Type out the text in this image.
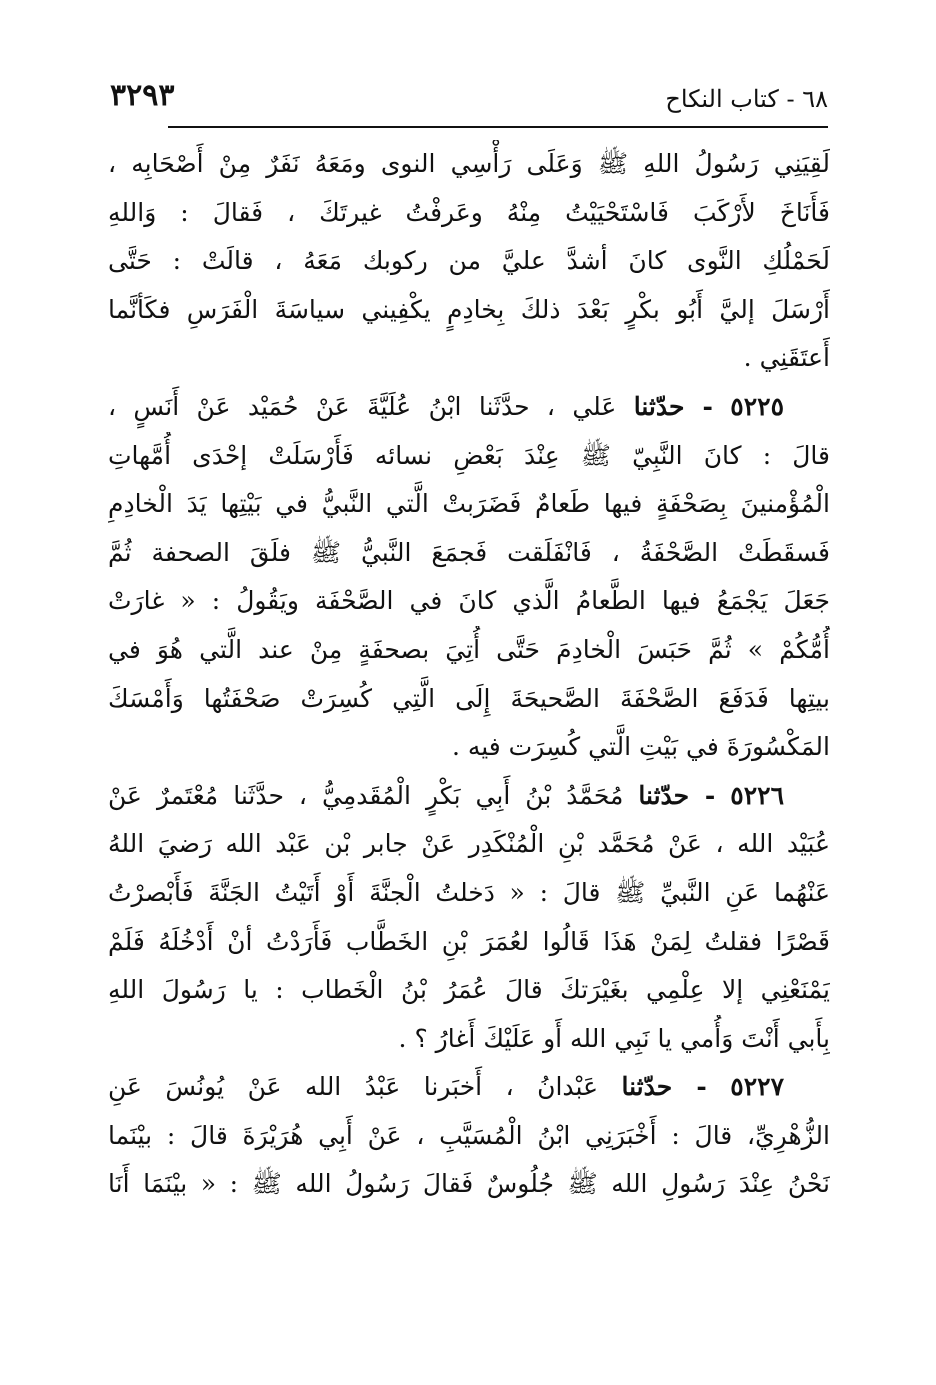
٦٨ - كتاب النكاح
٣٢٩٣
لَقِيَنِي رَسُولُ اللهِ ﷺ وَعَلَى رَأْسِي النوى ومَعَهُ نَفَرٌ مِنْ أَصْحَابِه ،
فَأَنَاخَ لأَرْكَبَ فَاسْتَحْيَيْتُ مِنْهُ وعَرفْتُ غيرتَكَ ، فَقالَ : وَاللهِ
لَحَمْلُكِ النَّوى كانَ أشدَّ عليَّ من ركوبك مَعَهُ ، قالَتْ : حَتَّى
أَرْسَلَ إليَّ أَبُو بكْرٍ بَعْدَ ذلكَ بِخادِمٍ يكْفِيني سياسَةَ الْفَرَسِ فكَأنَّما
أَعتَقَنِي .
٥٢٢٥ - حدّثنا عَلي ، حدَّثَنا ابْنُ عُلَيَّةَ عَنْ حُمَيْد عَنْ أَنَسٍ ،
قالَ : كانَ النَّبِيّ ﷺ عِنْدَ بَعْضِ نسائه فَأَرْسَلَتْ إحْدَى أُمَّهاتِ
الْمُؤْمنينَ بِصَحْفَةٍ فيها طَعامٌ فَضَرَبتْ الَّتي النَّبيُّ في بَيْتِها يَدَ الْخادِمِ
فَسقَطَتْ الصَّحْفَةُ ، فَانْفَلَقت فَجمَعَ النَّبيُّ ﷺ فلَقَ الصحفة ثُمَّ
جَعَلَ يَجْمَعُ فيها الطَّعامُ الَّذي كانَ في الصَّحْفَة ويَقُولُ : « غارَتْ
أُمُّكُمْ » ثُمَّ حَبَسَ الْخادِمَ حَتَّى أُتِيَ بصحفَةٍ مِنْ عند الَّتي هُوَ في
بيتِها فَدَفَعَ الصَّحْفَةَ الصَّحيحَةَ إِلَى الَّتِي كُسِرَتْ صَحْفَتُها وَأَمْسَكَ
المَكْسُورَةَ في بَيْتِ الَّتي كُسِرَت فيه .
٥٢٢٦ - حدّثنا مُحَمَّدُ بْنُ أَبِي بَكْرٍ الْمُقَدمِيُّ ، حدَّثَنا مُعْتَمرٌ عَنْ
عُبَيْد الله ، عَنْ مُحَمَّد بْنِ الْمُنْكَدِر عَنْ جابر بْن عَبْد الله رَضيَ اللهُ
عَنْهُما عَنِ النَّبيِّ ﷺ قالَ : « دَخلتُ الْجنَّةَ أَوْ أَتَيْتُ الجَنَّةَ فَأَبْصرْتُ
قَصْرًا فقلتُ لِمَنْ هَذَا قَالُوا لعُمَرَ بْنِ الخَطَّاب فَأَرَدْتُ أنْ أَدْخُلَهُ فَلَمْ
يَمْنَعْنِي إلا عِلْمِي بغَيْرَتكَ قالَ عُمَرُ بْنُ الْخَطاب : يا رَسُولَ اللهِ
بِأَبي أَنْتَ وَأُمي يا نَبِي الله أَو عَلَيْكَ أَغارُ ؟ .
٥٢٢٧ - حدّثنا عَبْدانُ ، أَخبَرنا عَبْدُ الله عَنْ يُونُسَ عَنِ
الزُّهْرِيِّ، قالَ : أَخْبَرَنِي ابْنُ الْمُسَيَّبِ ، عَنْ أَبِي هُرَيْرَةَ قالَ : بيْنَما
نَحْنُ عِنْدَ رَسُولِ الله ﷺ جُلُوسٌ فَقالَ رَسُولُ الله ﷺ : « بيْنَمَا أَنَا
